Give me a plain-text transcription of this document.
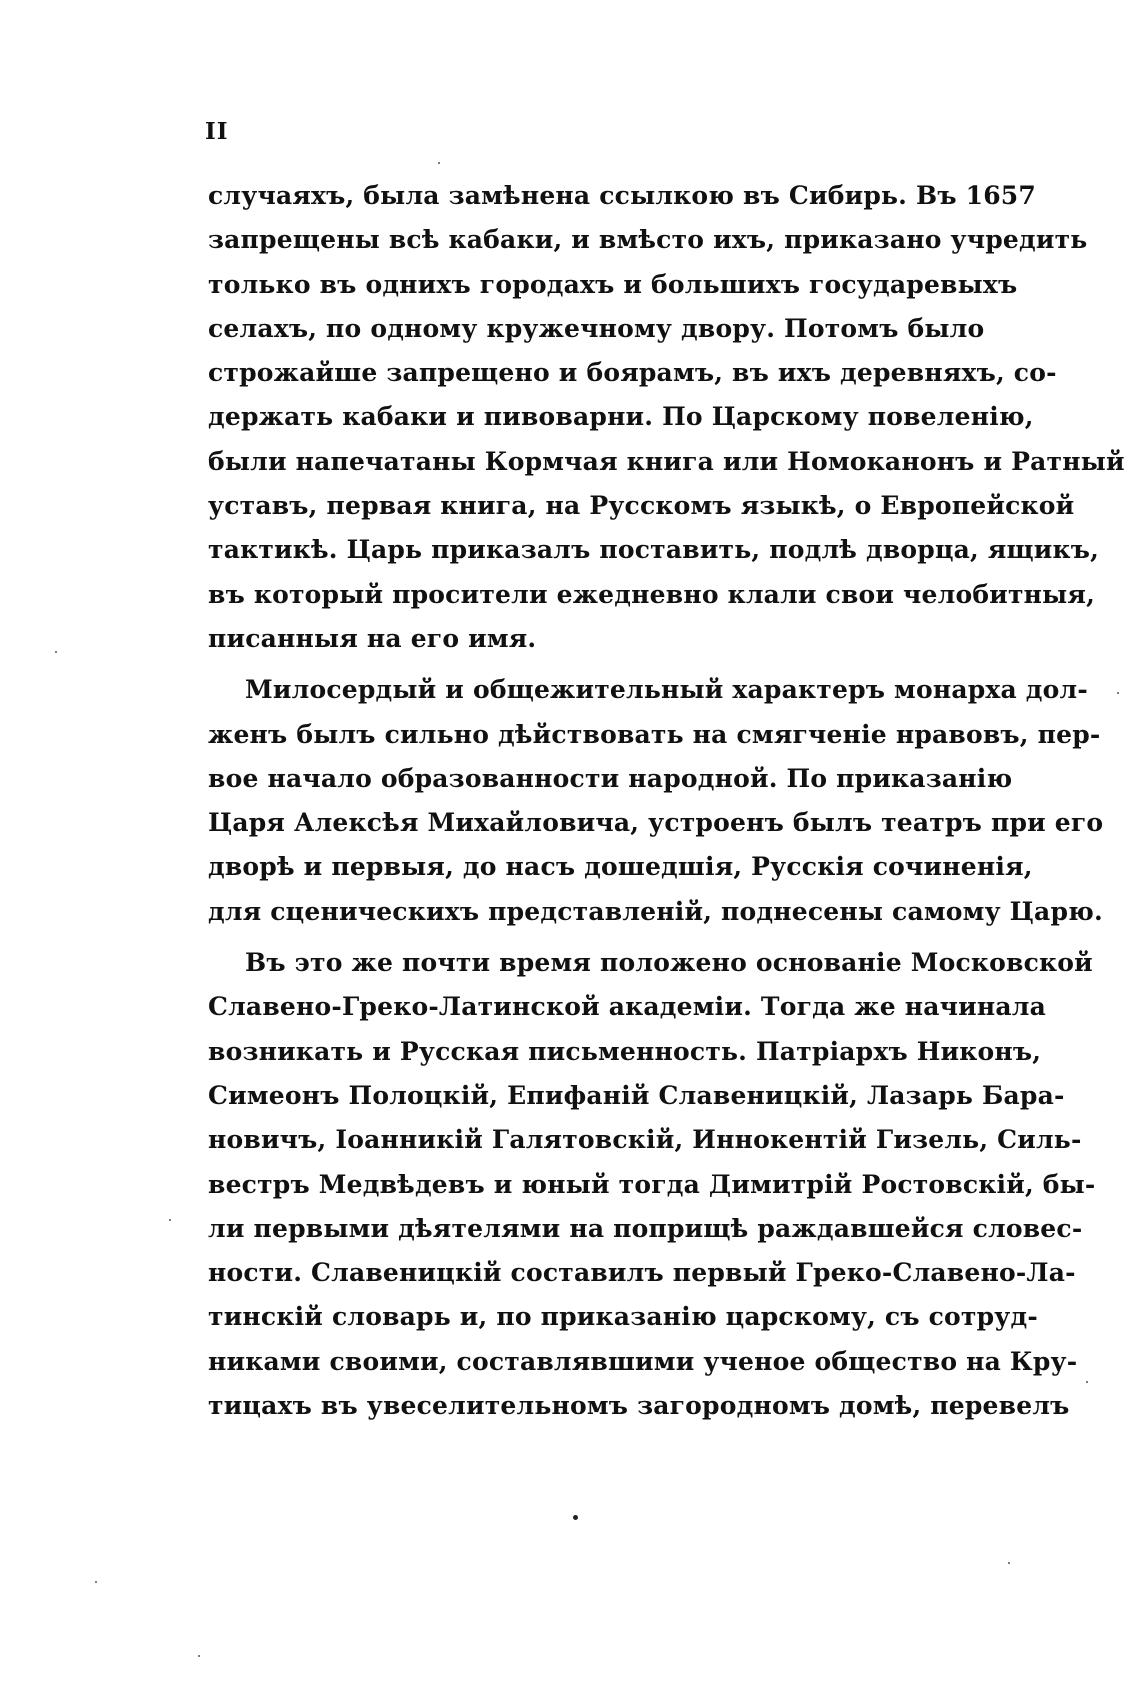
II
случаяхъ, была замѣнена ссылкою въ Сибирь. Въ 1657
запрещены всѣ кабаки, и вмѣсто ихъ, приказано учредить
только въ однихъ городахъ и большихъ государевыхъ
селахъ, по одному кружечному двору. Потомъ было
строжайше запрещено и боярамъ, въ ихъ деревняхъ, со-
держать кабаки и пивоварни. По Царскому повеленію,
были напечатаны Кормчая книга или Номоканонъ и Ратный
уставъ, первая книга, на Русскомъ языкѣ, о Европейской
тактикѣ. Царь приказалъ поставить, подлѣ дворца, ящикъ,
въ который просители ежедневно клали свои челобитныя,
писанныя на его имя.
Милосердый и общежительный характеръ монарха дол-
женъ былъ сильно дѣйствовать на смягченіе нравовъ, пер-
вое начало образованности народной. По приказанію
Царя Алексѣя Михайловича, устроенъ былъ театръ при его
дворѣ и первыя, до насъ дошедшія, Русскія сочиненія,
для сценическихъ представленій, поднесены самому Царю.
Въ это же почти время положено основаніе Московской
Славено-Греко-Латинской академіи. Тогда же начинала
возникать и Русская письменность. Патріархъ Никонъ,
Симеонъ Полоцкій, Епифаній Славеницкій, Лазарь Бара-
новичъ, Іоанникій Галятовскій, Иннокентій Гизель, Силь-
вестръ Медвѣдевъ и юный тогда Димитрій Ростовскій, бы-
ли первыми дѣятелями на поприщѣ раждавшейся словес-
ности. Славеницкій составилъ первый Греко-Славено-Ла-
тинскій словарь и, по приказанію царскому, съ сотруд-
никами своими, составлявшими ученое общество на Кру-
тицахъ въ увеселительномъ загородномъ домѣ, перевелъ
